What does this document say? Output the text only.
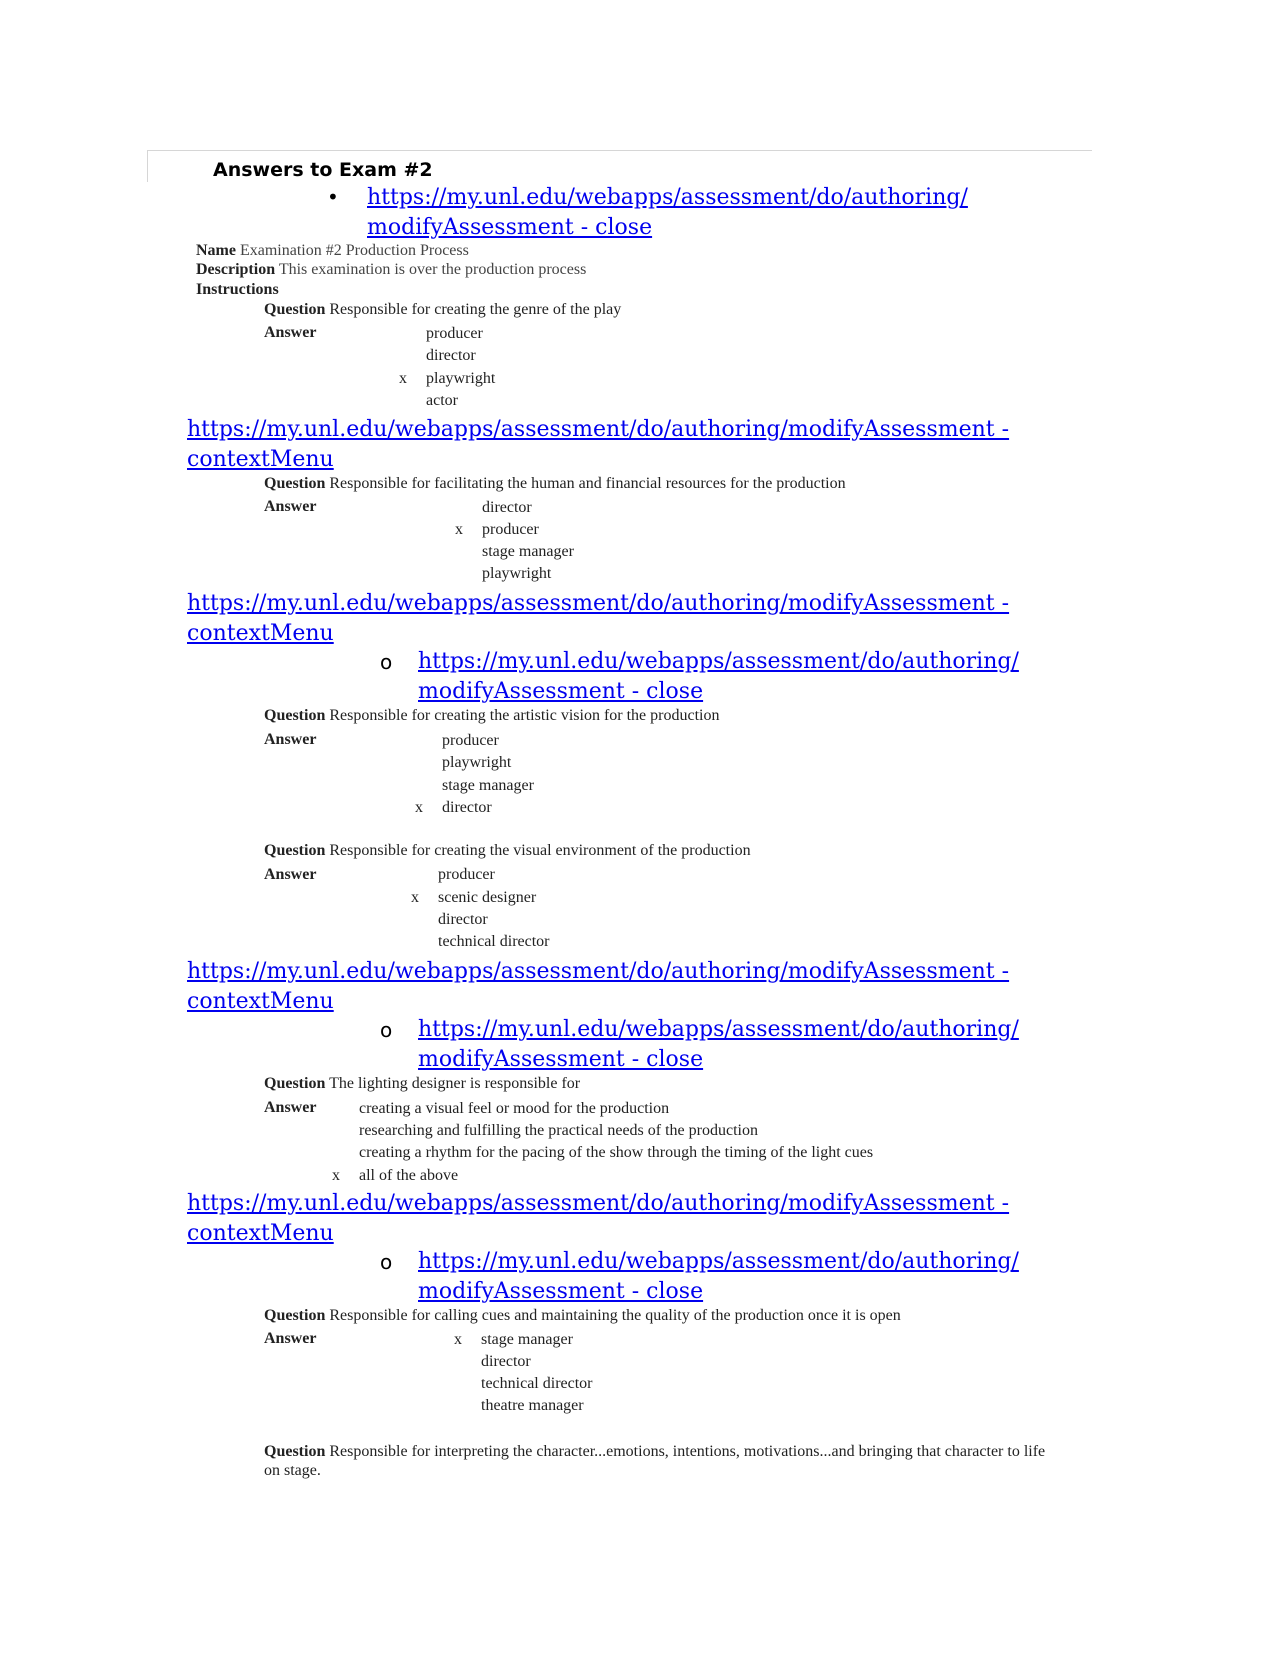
Answers to Exam #2
• https://my.unl.edu/webapps/assessment/do/authoring/
modifyAssessment - close
Name Examination #2 Production Process
Description This examination is over the production process
Instructions
Question Responsible for creating the genre of the play
Answer	producer
director
x playwright
actor
https://my.unl.edu/webapps/assessment/do/authoring/modifyAssessment -
contextMenu
Question Responsible for facilitating the human and financial resources for the production
Answer	director
x producer
stage manager
playwright
https://my.unl.edu/webapps/assessment/do/authoring/modifyAssessment -
contextMenu
o https://my.unl.edu/webapps/assessment/do/authoring/
modifyAssessment - close
Question Responsible for creating the artistic vision for the production
Answer	producer
playwright
stage manager
x director
Question Responsible for creating the visual environment of the production
Answer	producer
x scenic designer
director
technical director
https://my.unl.edu/webapps/assessment/do/authoring/modifyAssessment -
contextMenu
o https://my.unl.edu/webapps/assessment/do/authoring/
modifyAssessment - close
Question The lighting designer is responsible for
Answer	creating a visual feel or mood for the production
researching and fulfilling the practical needs of the production
creating a rhythm for the pacing of the show through the timing of the light cues
x all of the above
https://my.unl.edu/webapps/assessment/do/authoring/modifyAssessment -
contextMenu
o https://my.unl.edu/webapps/assessment/do/authoring/
modifyAssessment - close
Question Responsible for calling cues and maintaining the quality of the production once it is open
Answer	x stage manager
director
technical director
theatre manager
Question Responsible for interpreting the character...emotions, intentions, motivations...and bringing that character to life
on stage.
